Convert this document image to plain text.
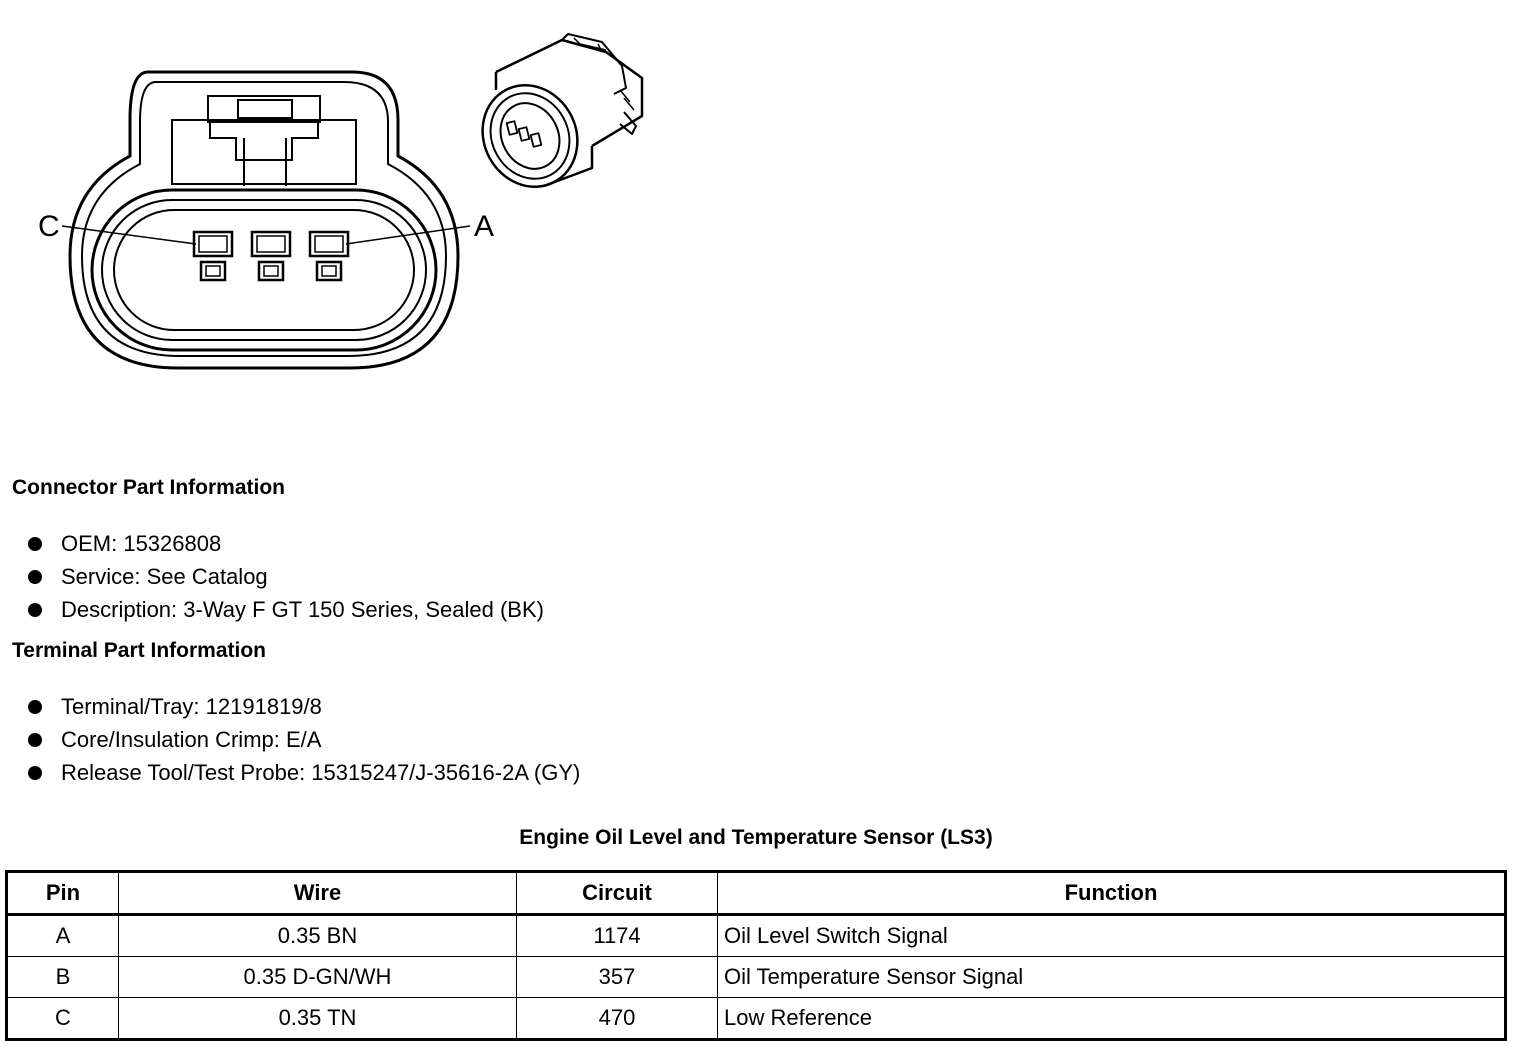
C	A
Connector Part Information
OEM: 15326808
Service: See Catalog
Description: 3-Way F GT 150 Series, Sealed (BK)
Terminal Part Information
Terminal/Tray: 12191819/8
Core/Insulation Crimp: E/A
Release Tool/Test Probe: 15315247/J-35616-2A (GY)
Engine Oil Level and Temperature Sensor (LS3)
Pin	Wire	Circuit	Function
A	0.35 BN	1174	Oil Level Switch Signal
B	0.35 D-GN/WH	357	Oil Temperature Sensor Signal
C	0.35 TN	470	Low Reference
